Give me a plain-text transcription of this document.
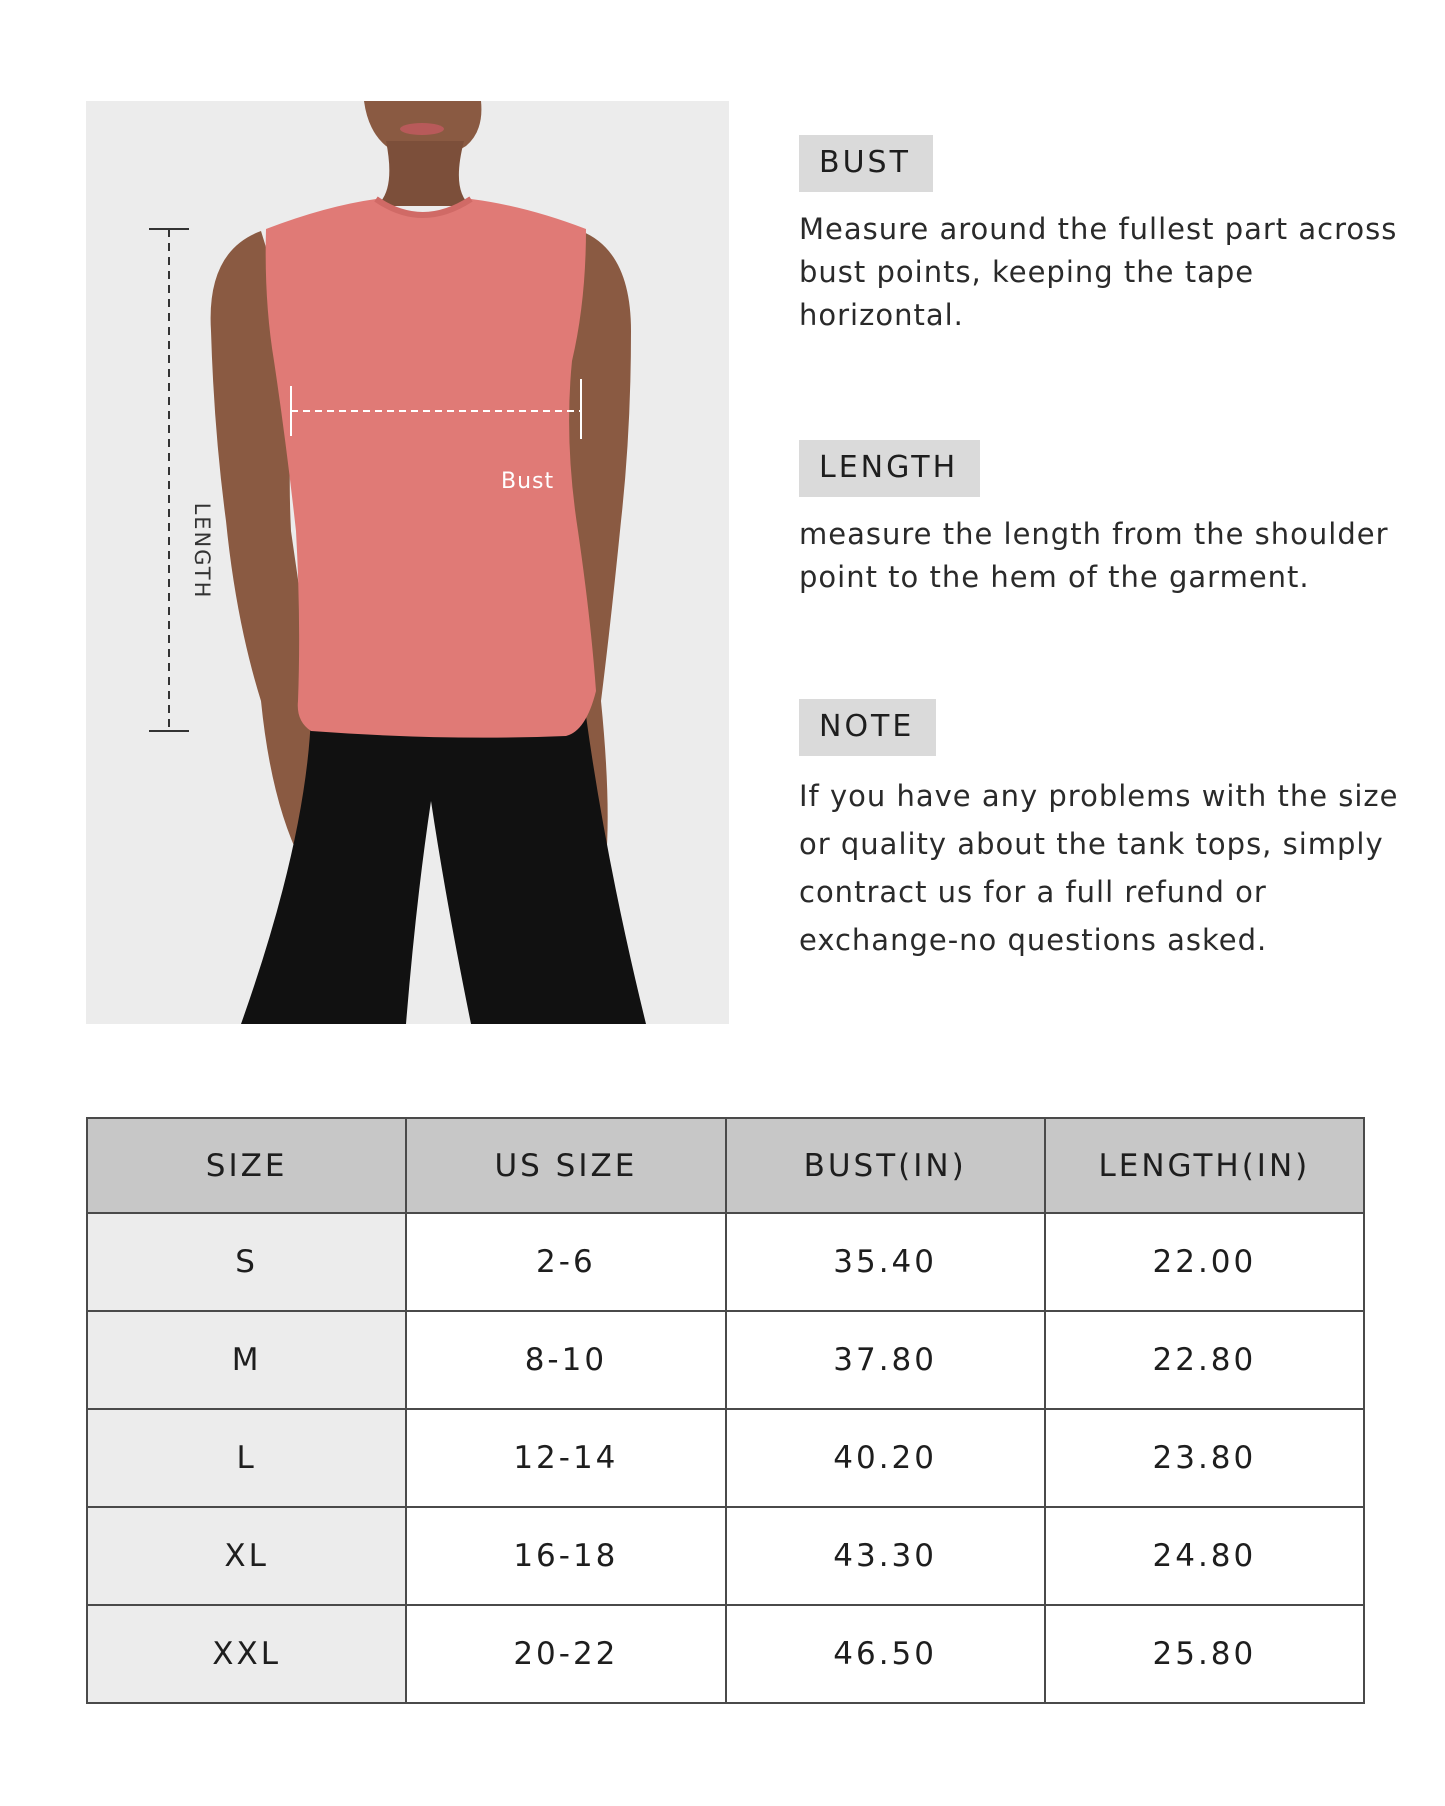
LENGTH
Bust
BUST
Measure around the fullest part across bust points, keeping the tape horizontal.
LENGTH
measure the length from the shoulder point to the hem of the garment.
NOTE
If you have any problems with the size or quality about the tank tops, simply contract us for a full refund or exchange-no questions asked.
SIZE	US SIZE	BUST(IN)	LENGTH(IN)
S	2-6	35.40	22.00
M	8-10	37.80	22.80
L	12-14	40.20	23.80
XL	16-18	43.30	24.80
XXL	20-22	46.50	25.80
